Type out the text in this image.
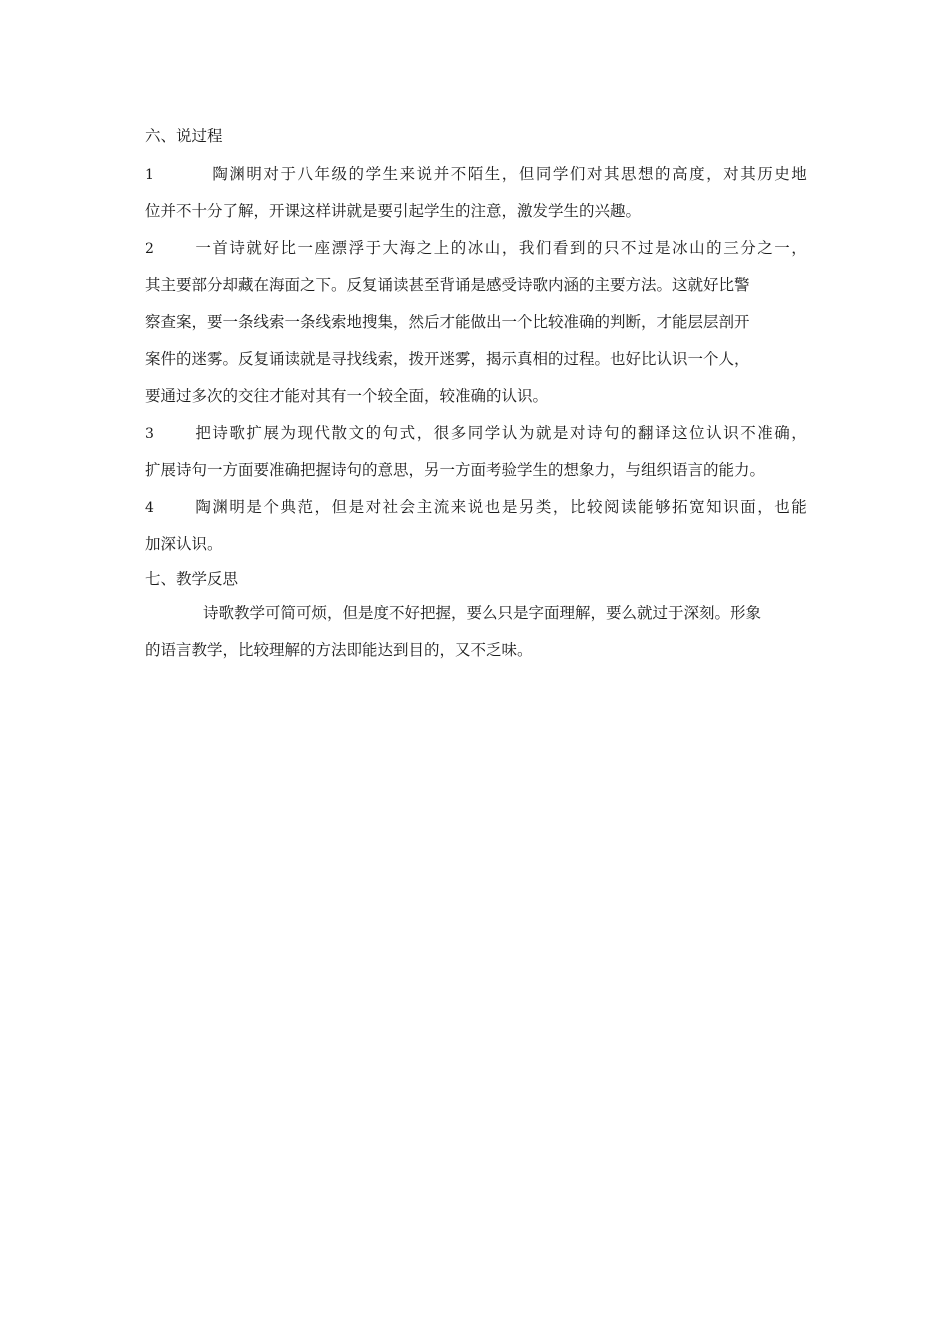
六、说过程
1	陶渊明对于八年级的学生来说并不陌生，但同学们对其思想的高度，对其历史地
位并不十分了解，开课这样讲就是要引起学生的注意，激发学生的兴趣。
2	一首诗就好比一座漂浮于大海之上的冰山，我们看到的只不过是冰山的三分之一，
其主要部分却藏在海面之下。反复诵读甚至背诵是感受诗歌内涵的主要方法。这就好比警
察查案，要一条线索一条线索地搜集，然后才能做出一个比较准确的判断，才能层层剖开
案件的迷雾。反复诵读就是寻找线索，拨开迷雾，揭示真相的过程。也好比认识一个人，
要通过多次的交往才能对其有一个较全面，较准确的认识。
3	把诗歌扩展为现代散文的句式，很多同学认为就是对诗句的翻译这位认识不准确，
扩展诗句一方面要准确把握诗句的意思，另一方面考验学生的想象力，与组织语言的能力。
4	陶渊明是个典范，但是对社会主流来说也是另类，比较阅读能够拓宽知识面，也能
加深认识。
七、教学反思
诗歌教学可简可烦，但是度不好把握，要么只是字面理解，要么就过于深刻。形象
的语言教学，比较理解的方法即能达到目的，又不乏味。
